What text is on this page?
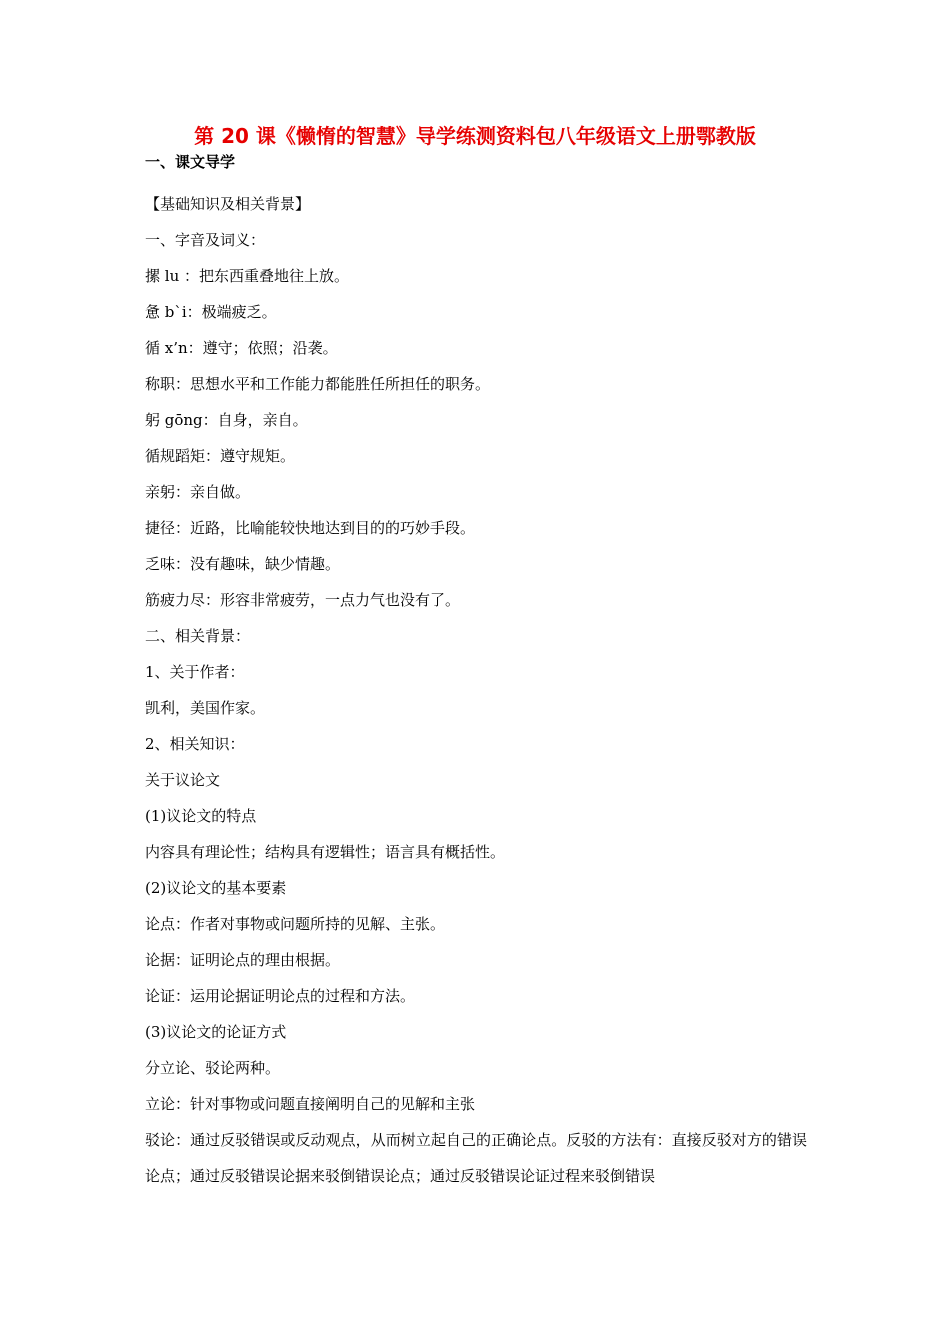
第 20 课《懒惰的智慧》导学练测资料包八年级语文上册鄂教版
一、课文导学
【基础知识及相关背景】
一、字音及词义：
摞 lu ：把东西重叠地往上放。
惫 bˋi：极端疲乏。
循 x’n：遵守；依照；沿袭。
称职：思想水平和工作能力都能胜任所担任的职务。
躬 gōng：自身，亲自。
循规蹈矩：遵守规矩。
亲躬：亲自做。
捷径：近路，比喻能较快地达到目的的巧妙手段。
乏味：没有趣味，缺少情趣。
筋疲力尽：形容非常疲劳，一点力气也没有了。
二、相关背景：
1、关于作者：
凯利，美国作家。
2、相关知识：
关于议论文
(1)议论文的特点
内容具有理论性；结构具有逻辑性；语言具有概括性。
(2)议论文的基本要素
论点：作者对事物或问题所持的见解、主张。
论据：证明论点的理由根据。
论证：运用论据证明论点的过程和方法。
(3)议论文的论证方式
分立论、驳论两种。
立论：针对事物或问题直接阐明自己的见解和主张
驳论：通过反驳错误或反动观点，从而树立起自己的正确论点。反驳的方法有：直接反驳对方的错误论点；通过反驳错误论据来驳倒错误论点；通过反驳错误论证过程来驳倒错误
